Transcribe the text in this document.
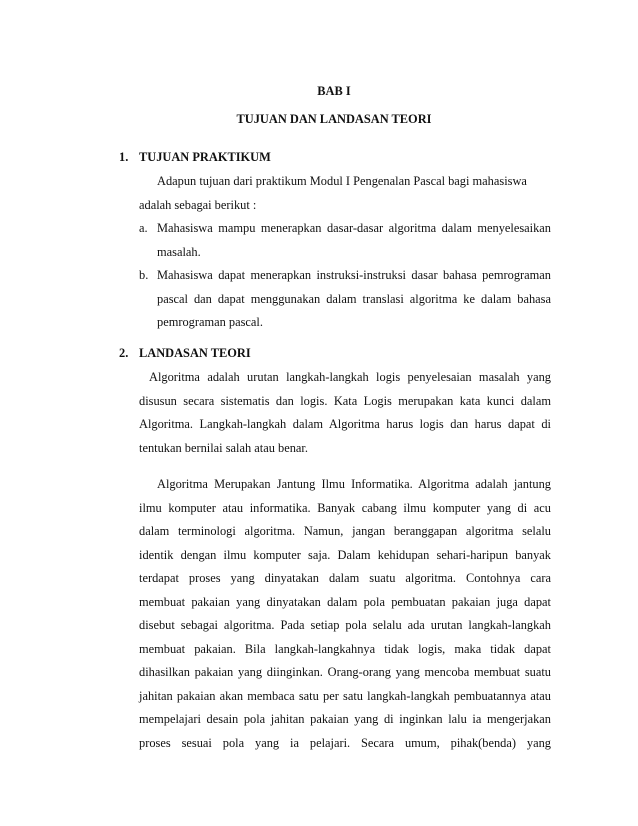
BAB I
TUJUAN DAN LANDASAN TEORI
1. TUJUAN PRAKTIKUM
Adapun tujuan dari praktikum Modul I Pengenalan Pascal bagi mahasiswa
adalah sebagai berikut :
a. Mahasiswa mampu menerapkan dasar-dasar algoritma dalam menyelesaikan
masalah.
b. Mahasiswa dapat menerapkan instruksi-instruksi dasar bahasa pemrograman
pascal dan dapat menggunakan dalam translasi algoritma ke dalam bahasa
pemrograman pascal.
2. LANDASAN TEORI
Algoritma adalah urutan langkah-langkah logis penyelesaian masalah yang
disusun secara sistematis dan logis. Kata Logis merupakan kata kunci dalam
Algoritma. Langkah-langkah dalam Algoritma harus logis dan harus dapat di
tentukan bernilai salah atau benar.
Algoritma Merupakan Jantung Ilmu Informatika. Algoritma adalah jantung
ilmu komputer atau informatika. Banyak cabang ilmu komputer yang di acu
dalam terminologi algoritma. Namun, jangan beranggapan algoritma selalu
identik dengan ilmu komputer saja. Dalam kehidupan sehari-haripun banyak
terdapat proses yang dinyatakan dalam suatu algoritma. Contohnya cara
membuat pakaian yang dinyatakan dalam pola pembuatan pakaian juga dapat
disebut sebagai algoritma. Pada setiap pola selalu ada urutan langkah-langkah
membuat pakaian. Bila langkah-langkahnya tidak logis, maka tidak dapat
dihasilkan pakaian yang diinginkan. Orang-orang yang mencoba membuat suatu
jahitan pakaian akan membaca satu per satu langkah-langkah pembuatannya atau
mempelajari desain pola jahitan pakaian yang di inginkan lalu ia mengerjakan
proses sesuai pola yang ia pelajari. Secara umum, pihak(benda) yang
